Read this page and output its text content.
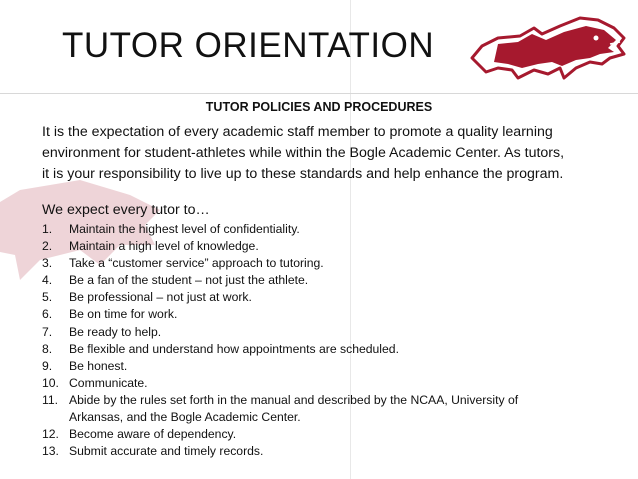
TUTOR ORIENTATION
TUTOR POLICIES AND PROCEDURES
It is the expectation of every academic staff member to promote a quality learning
environment for student-athletes while within the Bogle Academic Center. As tutors,
it is your responsibility to live up to these standards and help enhance the program.
We expect every tutor to…
1.	Maintain the highest level of confidentiality.
2.	Maintain a high level of knowledge.
3.	Take a “customer service” approach to tutoring.
4.	Be a fan of the student – not just the athlete.
5.	Be professional – not just at work.
6.	Be on time for work.
7.	Be ready to help.
8.	Be flexible and understand how appointments are scheduled.
9.	Be honest.
10. Communicate.
11. Abide by the rules set forth in the manual and described by the NCAA, University of
Arkansas, and the Bogle Academic Center.
12. Become aware of dependency.
13. Submit accurate and timely records.
